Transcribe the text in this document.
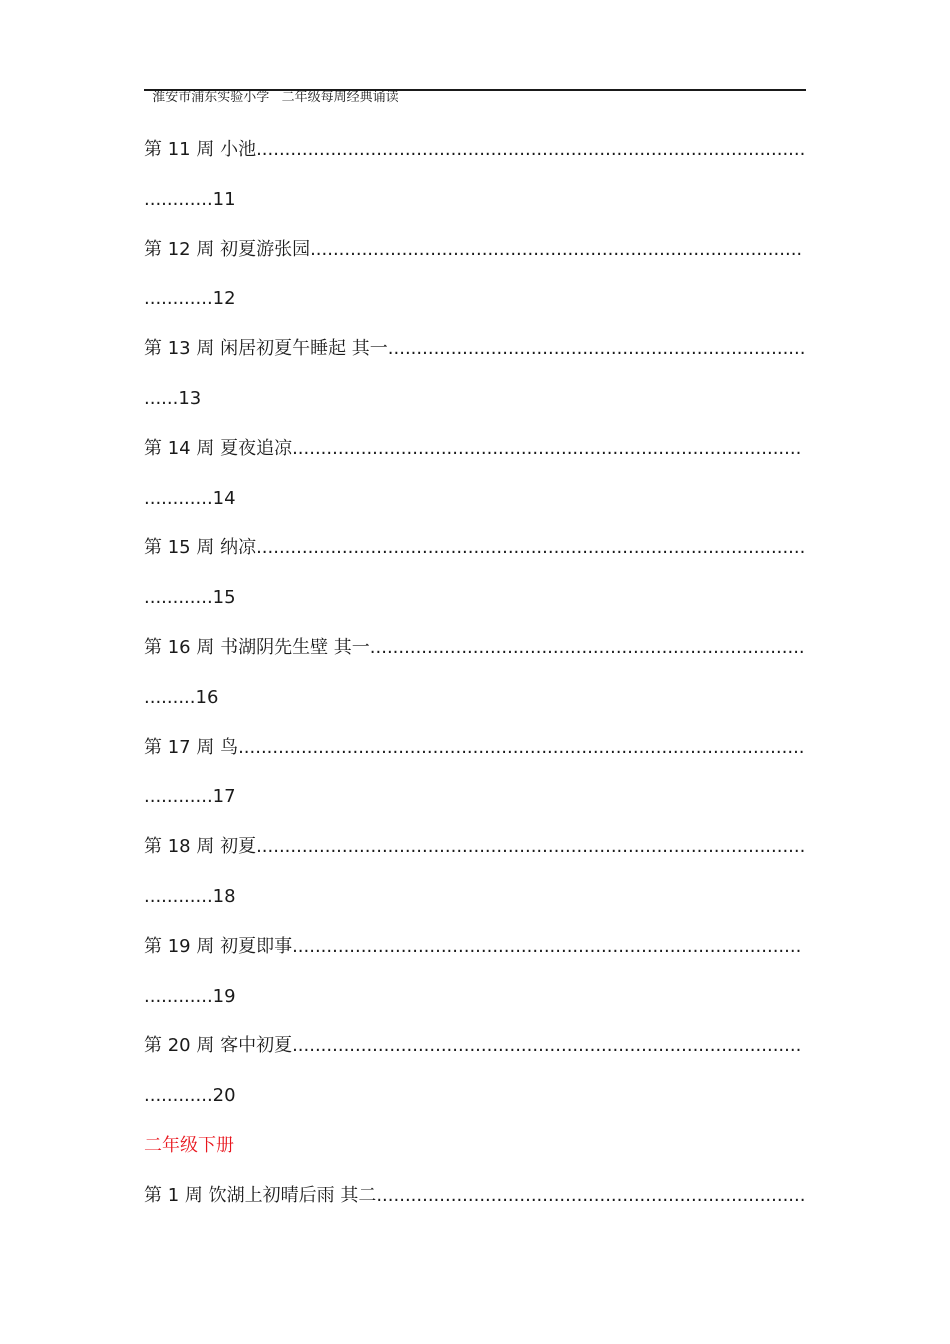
淮安市浦东实验小学   二年级每周经典诵读

第 11 周 小池................................................................................................
............11
第 12 周 初夏游张园......................................................................................
............12
第 13 周 闲居初夏午睡起 其一.........................................................................
......13
第 14 周 夏夜追凉.........................................................................................
............14
第 15 周 纳凉................................................................................................
............15
第 16 周 书湖阴先生壁 其一............................................................................
.........16
第 17 周 鸟...................................................................................................
............17
第 18 周 初夏................................................................................................
............18
第 19 周 初夏即事.........................................................................................
............19
第 20 周 客中初夏.........................................................................................
............20
二年级下册
第 1 周 饮湖上初晴后雨 其二...........................................................................
